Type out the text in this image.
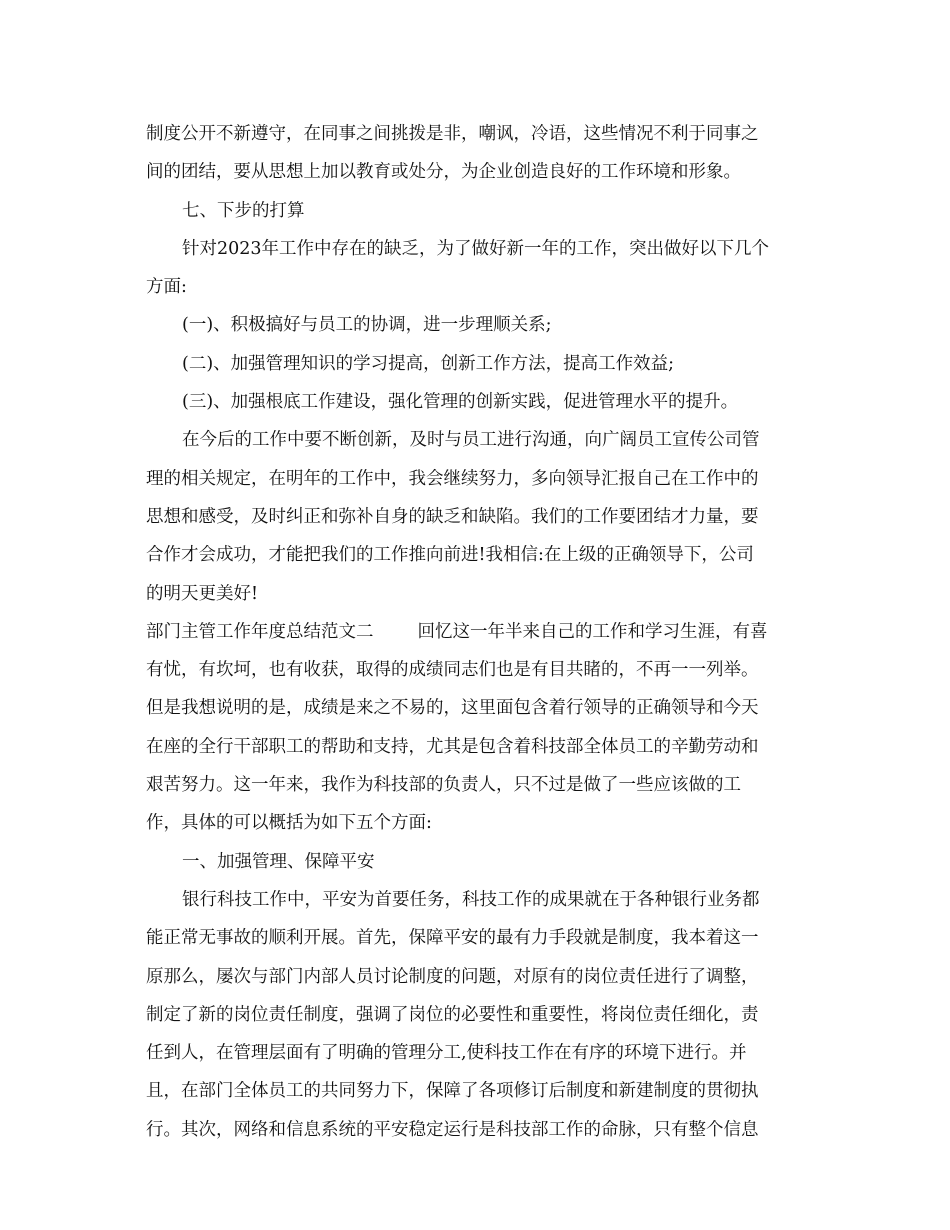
制度公开不新遵守，在同事之间挑拨是非，嘲讽，冷语，这些情况不利于同事之
间的团结，要从思想上加以教育或处分，为企业创造良好的工作环境和形象。
七、下步的打算
针对2023年工作中存在的缺乏，为了做好新一年的工作，突出做好以下几个
方面:
(一)、积极搞好与员工的协调，进一步理顺关系;
(二)、加强管理知识的学习提高，创新工作方法，提高工作效益;
(三)、加强根底工作建设，强化管理的创新实践，促进管理水平的提升。
在今后的工作中要不断创新，及时与员工进行沟通，向广阔员工宣传公司管
理的相关规定，在明年的工作中，我会继续努力，多向领导汇报自己在工作中的
思想和感受，及时纠正和弥补自身的缺乏和缺陷。我们的工作要团结才力量，要
合作才会成功，才能把我们的工作推向前进!我相信:在上级的正确领导下，公司
的明天更美好!
部门主管工作年度总结范文二	回忆这一年半来自己的工作和学习生涯，有喜
有忧，有坎坷，也有收获，取得的成绩同志们也是有目共睹的，不再一一列举。
但是我想说明的是，成绩是来之不易的，这里面包含着行领导的正确领导和今天
在座的全行干部职工的帮助和支持，尤其是包含着科技部全体员工的辛勤劳动和
艰苦努力。这一年来，我作为科技部的负责人，只不过是做了一些应该做的工
作，具体的可以概括为如下五个方面:
一、加强管理、保障平安
银行科技工作中，平安为首要任务，科技工作的成果就在于各种银行业务都
能正常无事故的顺利开展。首先，保障平安的最有力手段就是制度，我本着这一
原那么，屡次与部门内部人员讨论制度的问题，对原有的岗位责任进行了调整，
制定了新的岗位责任制度，强调了岗位的必要性和重要性，将岗位责任细化，责
任到人，在管理层面有了明确的管理分工,使科技工作在有序的环境下进行。并
且，在部门全体员工的共同努力下，保障了各项修订后制度和新建制度的贯彻执
行。其次，网络和信息系统的平安稳定运行是科技部工作的命脉，只有整个信息
